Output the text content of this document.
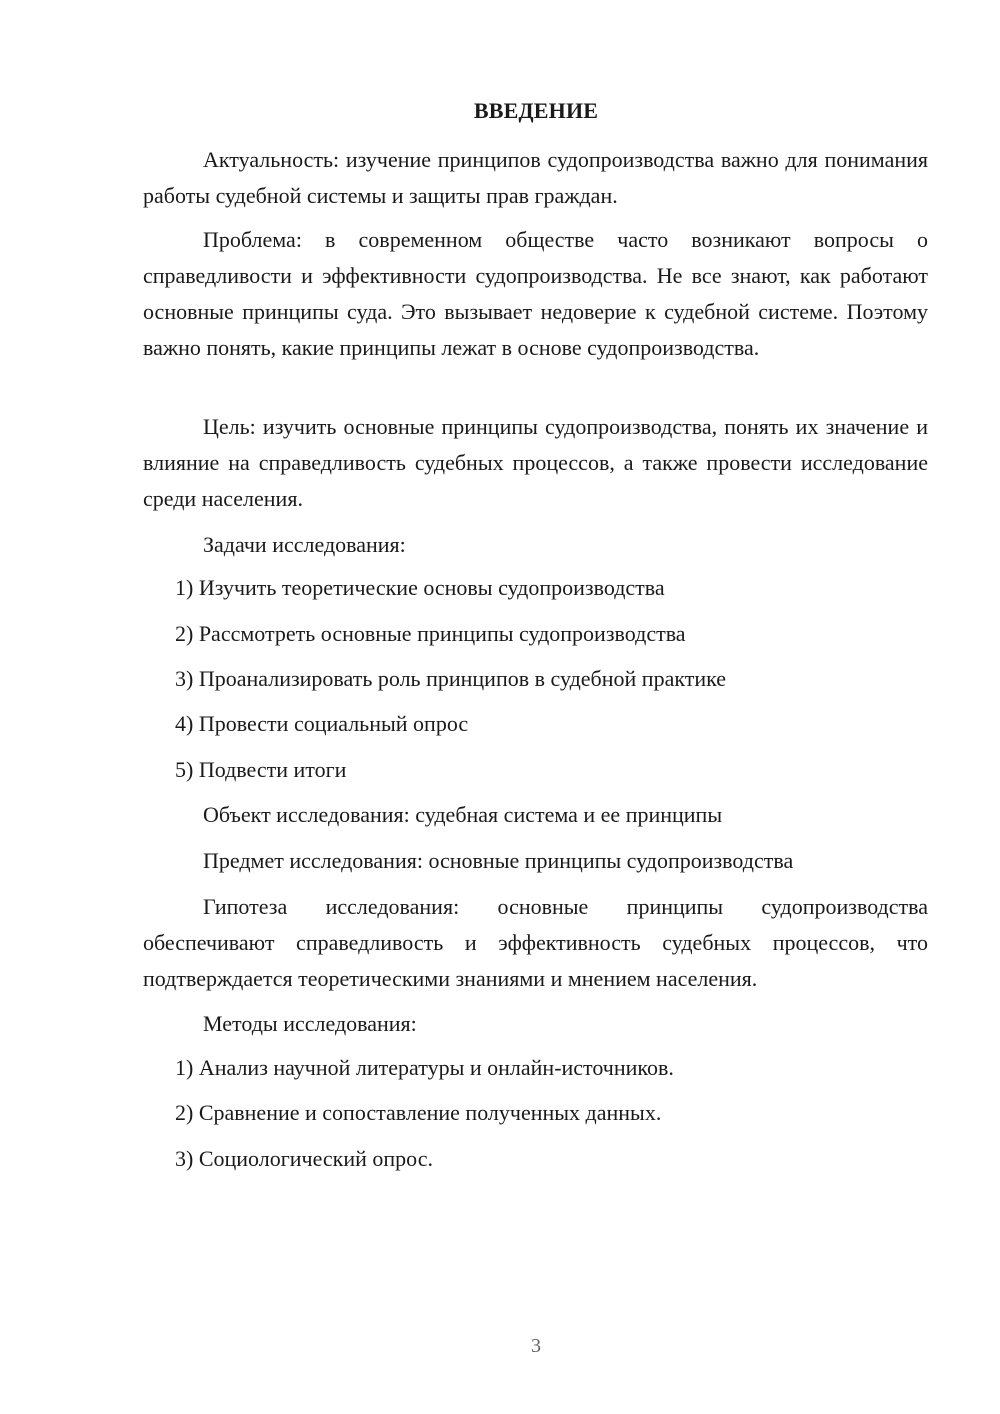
ВВЕДЕНИЕ

Актуальность: изучение принципов судопроизводства важно для понимания работы судебной системы и защиты прав граждан.

Проблема: в современном обществе часто возникают вопросы о справедливости и эффективности судопроизводства. Не все знают, как работают основные принципы суда. Это вызывает недоверие к судебной системе. Поэтому важно понять, какие принципы лежат в основе судопроизводства.

Цель: изучить основные принципы судопроизводства, понять их значение и влияние на справедливость судебных процессов, а также провести исследование среди населения.

Задачи исследования:

1) Изучить теоретические основы судопроизводства

2) Рассмотреть основные принципы судопроизводства

3) Проанализировать роль принципов в судебной практике

4) Провести социальный опрос

5) Подвести итоги

Объект исследования: судебная система и ее принципы

Предмет исследования: основные принципы судопроизводства

Гипотеза исследования: основные принципы судопроизводства обеспечивают справедливость и эффективность судебных процессов, что подтверждается теоретическими знаниями и мнением населения.

Методы исследования:

1) Анализ научной литературы и онлайн-источников.

2) Сравнение и сопоставление полученных данных.

3) Социологический опрос.

3
